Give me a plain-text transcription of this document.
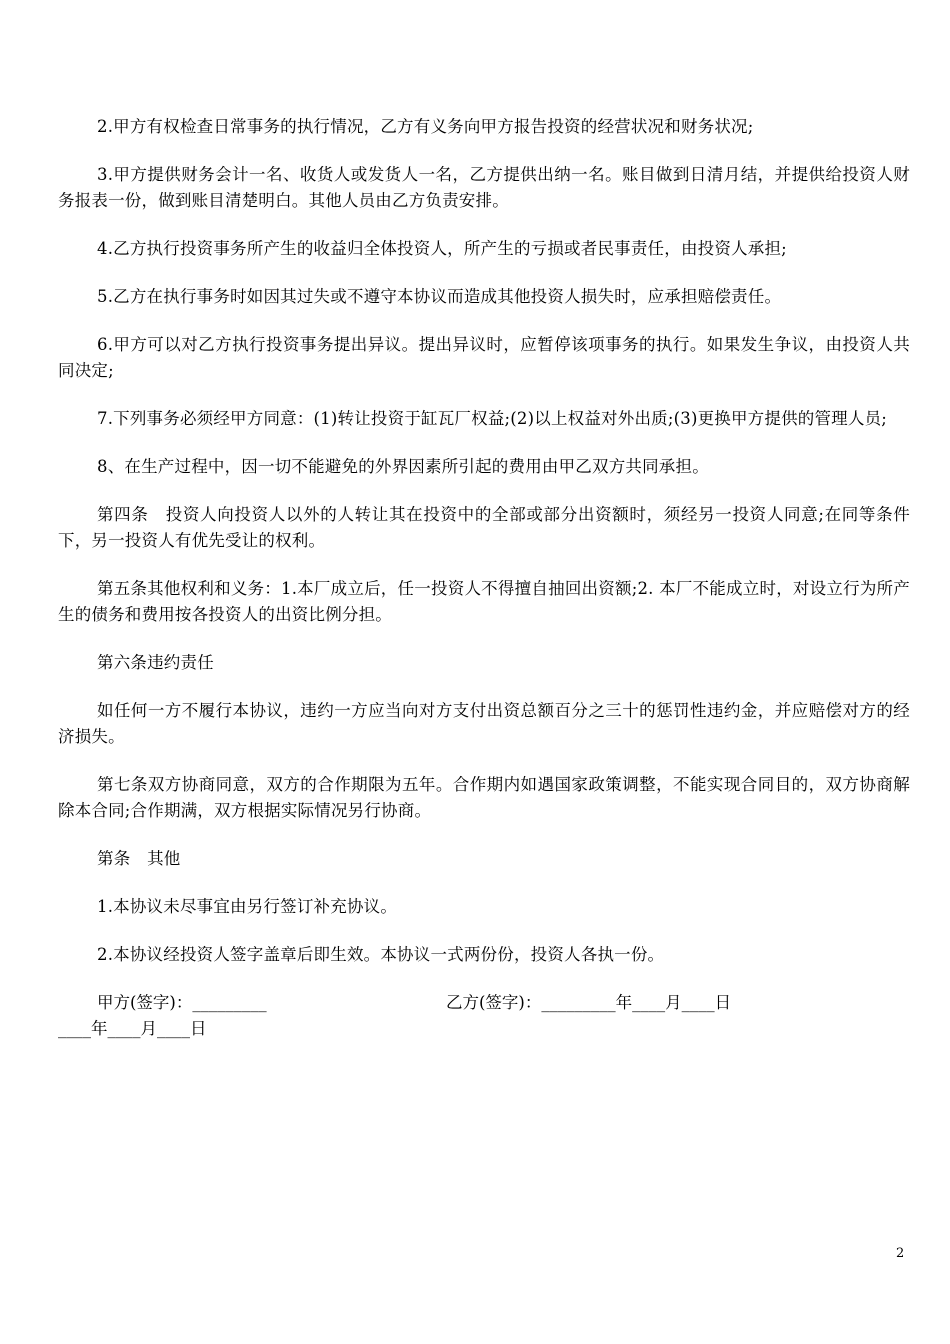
2.甲方有权检查日常事务的执行情况，乙方有义务向甲方报告投资的经营状况和财务状况;

3.甲方提供财务会计一名、收货人或发货人一名，乙方提供出纳一名。账目做到日清月结，并提供给投资人财务报表一份，做到账目清楚明白。其他人员由乙方负责安排。

4.乙方执行投资事务所产生的收益归全体投资人，所产生的亏损或者民事责任，由投资人承担;

5.乙方在执行事务时如因其过失或不遵守本协议而造成其他投资人损失时，应承担赔偿责任。

6.甲方可以对乙方执行投资事务提出异议。提出异议时，应暂停该项事务的执行。如果发生争议，由投资人共同决定;

7.下列事务必须经甲方同意：(1)转让投资于缸瓦厂权益;(2)以上权益对外出质;(3)更换甲方提供的管理人员;

8、在生产过程中，因一切不能避免的外界因素所引起的费用由甲乙双方共同承担。

第四条　投资人向投资人以外的人转让其在投资中的全部或部分出资额时，须经另一投资人同意;在同等条件下，另一投资人有优先受让的权利。

第五条其他权利和义务：1.本厂成立后，任一投资人不得擅自抽回出资额;2. 本厂不能成立时，对设立行为所产生的债务和费用按各投资人的出资比例分担。

第六条违约责任

如任何一方不履行本协议，违约一方应当向对方支付出资总额百分之三十的惩罚性违约金，并应赔偿对方的经济损失。

第七条双方协商同意，双方的合作期限为五年。合作期内如遇国家政策调整，不能实现合同目的，双方协商解除本合同;合作期满，双方根据实际情况另行协商。

第条　其他

1.本协议未尽事宜由另行签订补充协议。

2.本协议经投资人签字盖章后即生效。本协议一式两份份，投资人各执一份。

甲方(签字)：_________	乙方(签字)：_________年____月____日
____年____月____日
2
